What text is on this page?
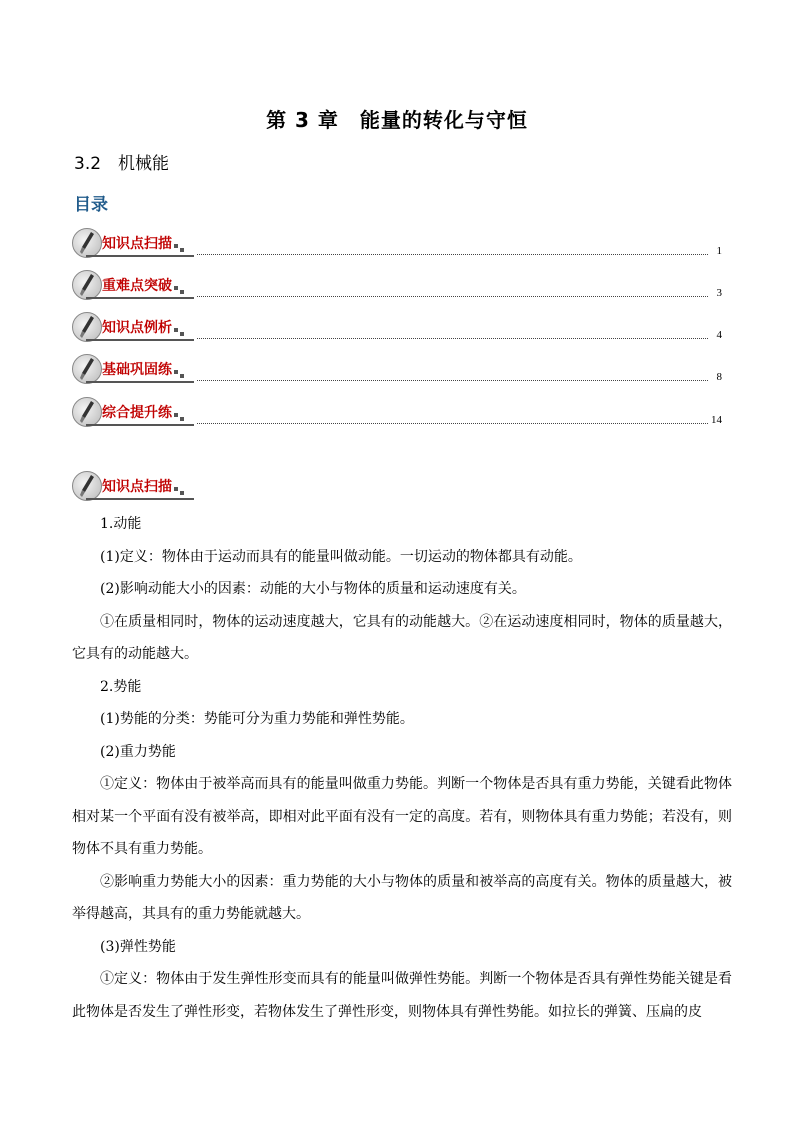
第 3 章　能量的转化与守恒
3.2　机械能
目录
知识点扫描	1
重难点突破	3
知识点例析	4
基础巩固练	8
综合提升练	14
知识点扫描

1.动能

(1)定义：物体由于运动而具有的能量叫做动能。一切运动的物体都具有动能。

(2)影响动能大小的因素：动能的大小与物体的质量和运动速度有关。

①在质量相同时，物体的运动速度越大，它具有的动能越大。②在运动速度相同时，物体的质量越大，它具有的动能越大。

2.势能

(1)势能的分类：势能可分为重力势能和弹性势能。

(2)重力势能

①定义：物体由于被举高而具有的能量叫做重力势能。判断一个物体是否具有重力势能，关键看此物体相对某一个平面有没有被举高，即相对此平面有没有一定的高度。若有，则物体具有重力势能；若没有，则物体不具有重力势能。

②影响重力势能大小的因素：重力势能的大小与物体的质量和被举高的高度有关。物体的质量越大，被举得越高，其具有的重力势能就越大。

(3)弹性势能

①定义：物体由于发生弹性形变而具有的能量叫做弹性势能。判断一个物体是否具有弹性势能关键是看此物体是否发生了弹性形变，若物体发生了弹性形变，则物体具有弹性势能。如拉长的弹簧、压扁的皮
